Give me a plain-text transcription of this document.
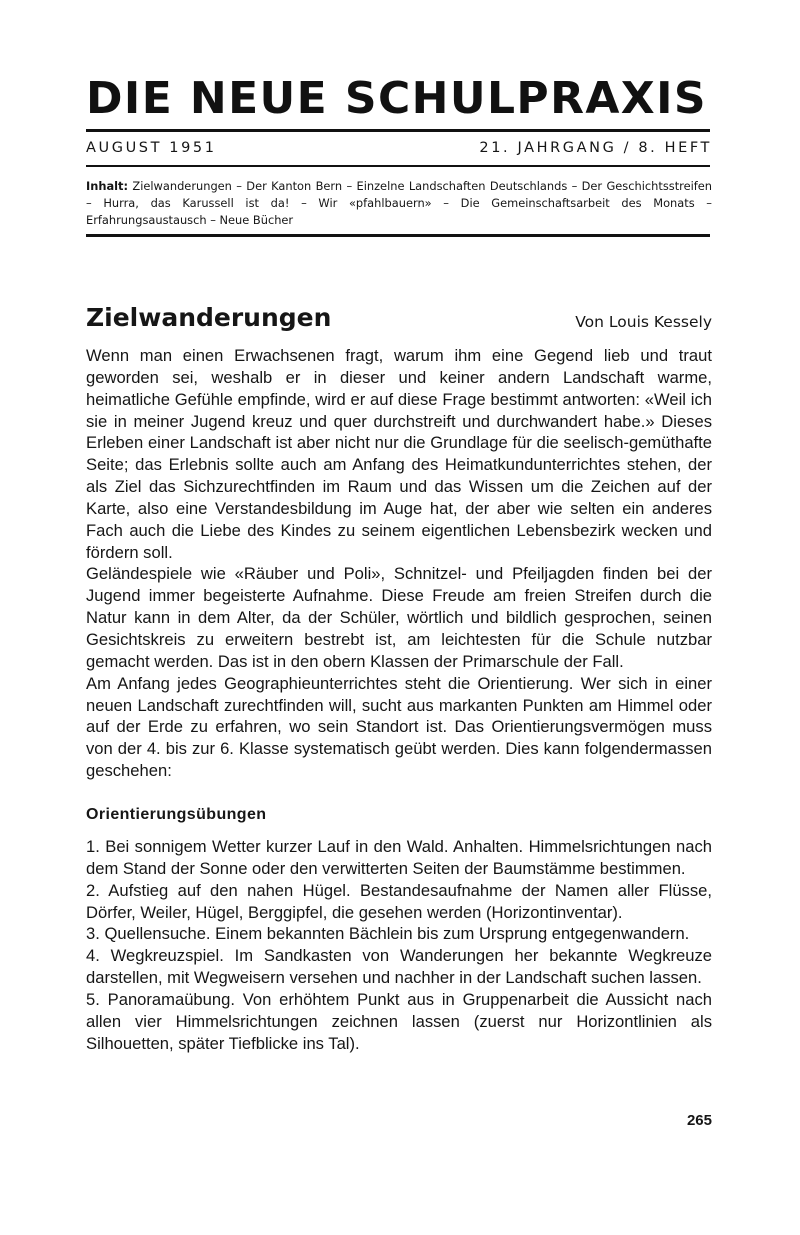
DIE NEUE SCHULPRAXIS
AUGUST 1951	21. JAHRGANG / 8. HEFT
Inhalt: Zielwanderungen – Der Kanton Bern – Einzelne Landschaften Deutschlands – Der Geschichtsstreifen – Hurra, das Karussell ist da! – Wir «pfahlbauern» – Die Gemeinschaftsarbeit des Monats – Erfahrungsaustausch – Neue Bücher
Zielwanderungen	Von Louis Kessely

Wenn man einen Erwachsenen fragt, warum ihm eine Gegend lieb und traut geworden sei, weshalb er in dieser und keiner andern Landschaft warme, heimatliche Gefühle empfinde, wird er auf diese Frage bestimmt antworten: «Weil ich sie in meiner Jugend kreuz und quer durchstreift und durchwandert habe.» Dieses Erleben einer Landschaft ist aber nicht nur die Grundlage für die seelisch-gemüthafte Seite; das Erlebnis sollte auch am Anfang des Heimatkundunterrichtes stehen, der als Ziel das Sichzurechtfinden im Raum und das Wissen um die Zeichen auf der Karte, also eine Verstandesbildung im Auge hat, der aber wie selten ein anderes Fach auch die Liebe des Kindes zu seinem eigentlichen Lebensbezirk wecken und fördern soll.

Geländespiele wie «Räuber und Poli», Schnitzel- und Pfeiljagden finden bei der Jugend immer begeisterte Aufnahme. Diese Freude am freien Streifen durch die Natur kann in dem Alter, da der Schüler, wörtlich und bildlich gesprochen, seinen Gesichtskreis zu erweitern bestrebt ist, am leichtesten für die Schule nutzbar gemacht werden. Das ist in den obern Klassen der Primarschule der Fall.

Am Anfang jedes Geographieunterrichtes steht die Orientierung. Wer sich in einer neuen Landschaft zurechtfinden will, sucht aus markanten Punkten am Himmel oder auf der Erde zu erfahren, wo sein Standort ist. Das Orientierungsvermögen muss von der 4. bis zur 6. Klasse systematisch geübt werden. Dies kann folgendermassen geschehen:

Orientierungsübungen

1. Bei sonnigem Wetter kurzer Lauf in den Wald. Anhalten. Himmelsrichtungen nach dem Stand der Sonne oder den verwitterten Seiten der Baumstämme bestimmen.

2. Aufstieg auf den nahen Hügel. Bestandesaufnahme der Namen aller Flüsse, Dörfer, Weiler, Hügel, Berggipfel, die gesehen werden (Horizontinventar).

3. Quellensuche. Einem bekannten Bächlein bis zum Ursprung entgegenwandern.

4. Wegkreuzspiel. Im Sandkasten von Wanderungen her bekannte Wegkreuze darstellen, mit Wegweisern versehen und nachher in der Landschaft suchen lassen.

5. Panoramaübung. Von erhöhtem Punkt aus in Gruppenarbeit die Aussicht nach allen vier Himmelsrichtungen zeichnen lassen (zuerst nur Horizontlinien als Silhouetten, später Tiefblicke ins Tal).

265
